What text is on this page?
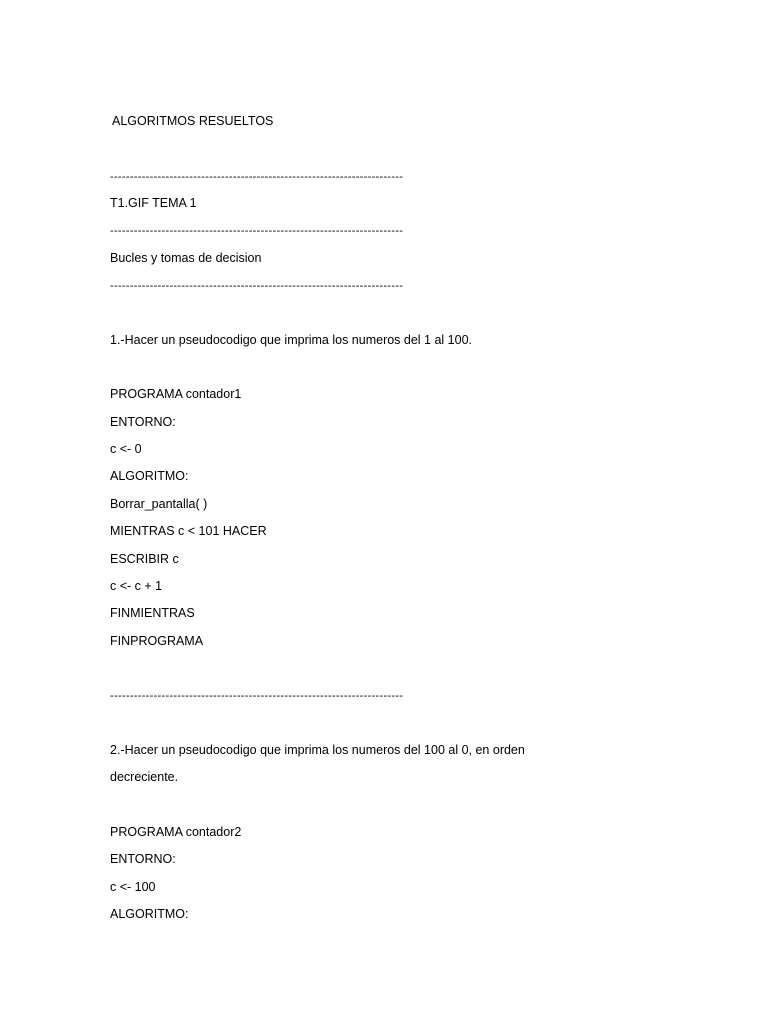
ALGORITMOS RESUELTOS
--------------------------------------------------------------------------
T1.GIF TEMA 1
--------------------------------------------------------------------------
Bucles y tomas de decision
--------------------------------------------------------------------------
1.-Hacer un pseudocodigo que imprima los numeros del 1 al 100.
PROGRAMA contador1
ENTORNO:
c <- 0
ALGORITMO:
Borrar_pantalla( )
MIENTRAS c < 101 HACER
ESCRIBIR c
c <- c + 1
FINMIENTRAS
FINPROGRAMA
--------------------------------------------------------------------------
2.-Hacer un pseudocodigo que imprima los numeros del 100 al 0, en orden
decreciente.
PROGRAMA contador2
ENTORNO:
c <- 100
ALGORITMO:
